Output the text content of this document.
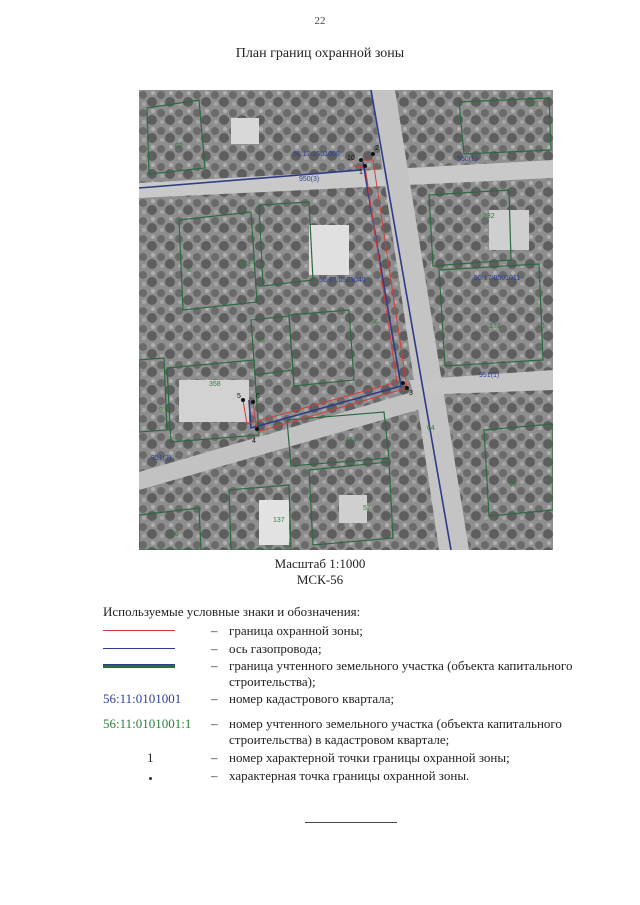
22
План границ охранной зоны
56:17:0501008
56:17:0501040	56:17:0501011
950(1)
950(3)
951(1)
951(2)
235
62
6
333
55
358
484
56
137
136
57
133
64
232
9
16
36
10
5 6
4
3
1
2
Масштаб 1:1000
МСК-56
Используемые условные знаки и обозначения:
– граница охранной зоны;
– ось газопровода;
– граница учтенного земельного участка (объекта капитального строительства);
56:11:0101001 – номер кадастрового квартала;
56:11:0101001:1	– номер учтенного земельного участка (объекта капитального строительства) в кадастровом квартале;
1	– номер характерной точки границы охранной зоны;
– характерная точка границы охранной зоны.
